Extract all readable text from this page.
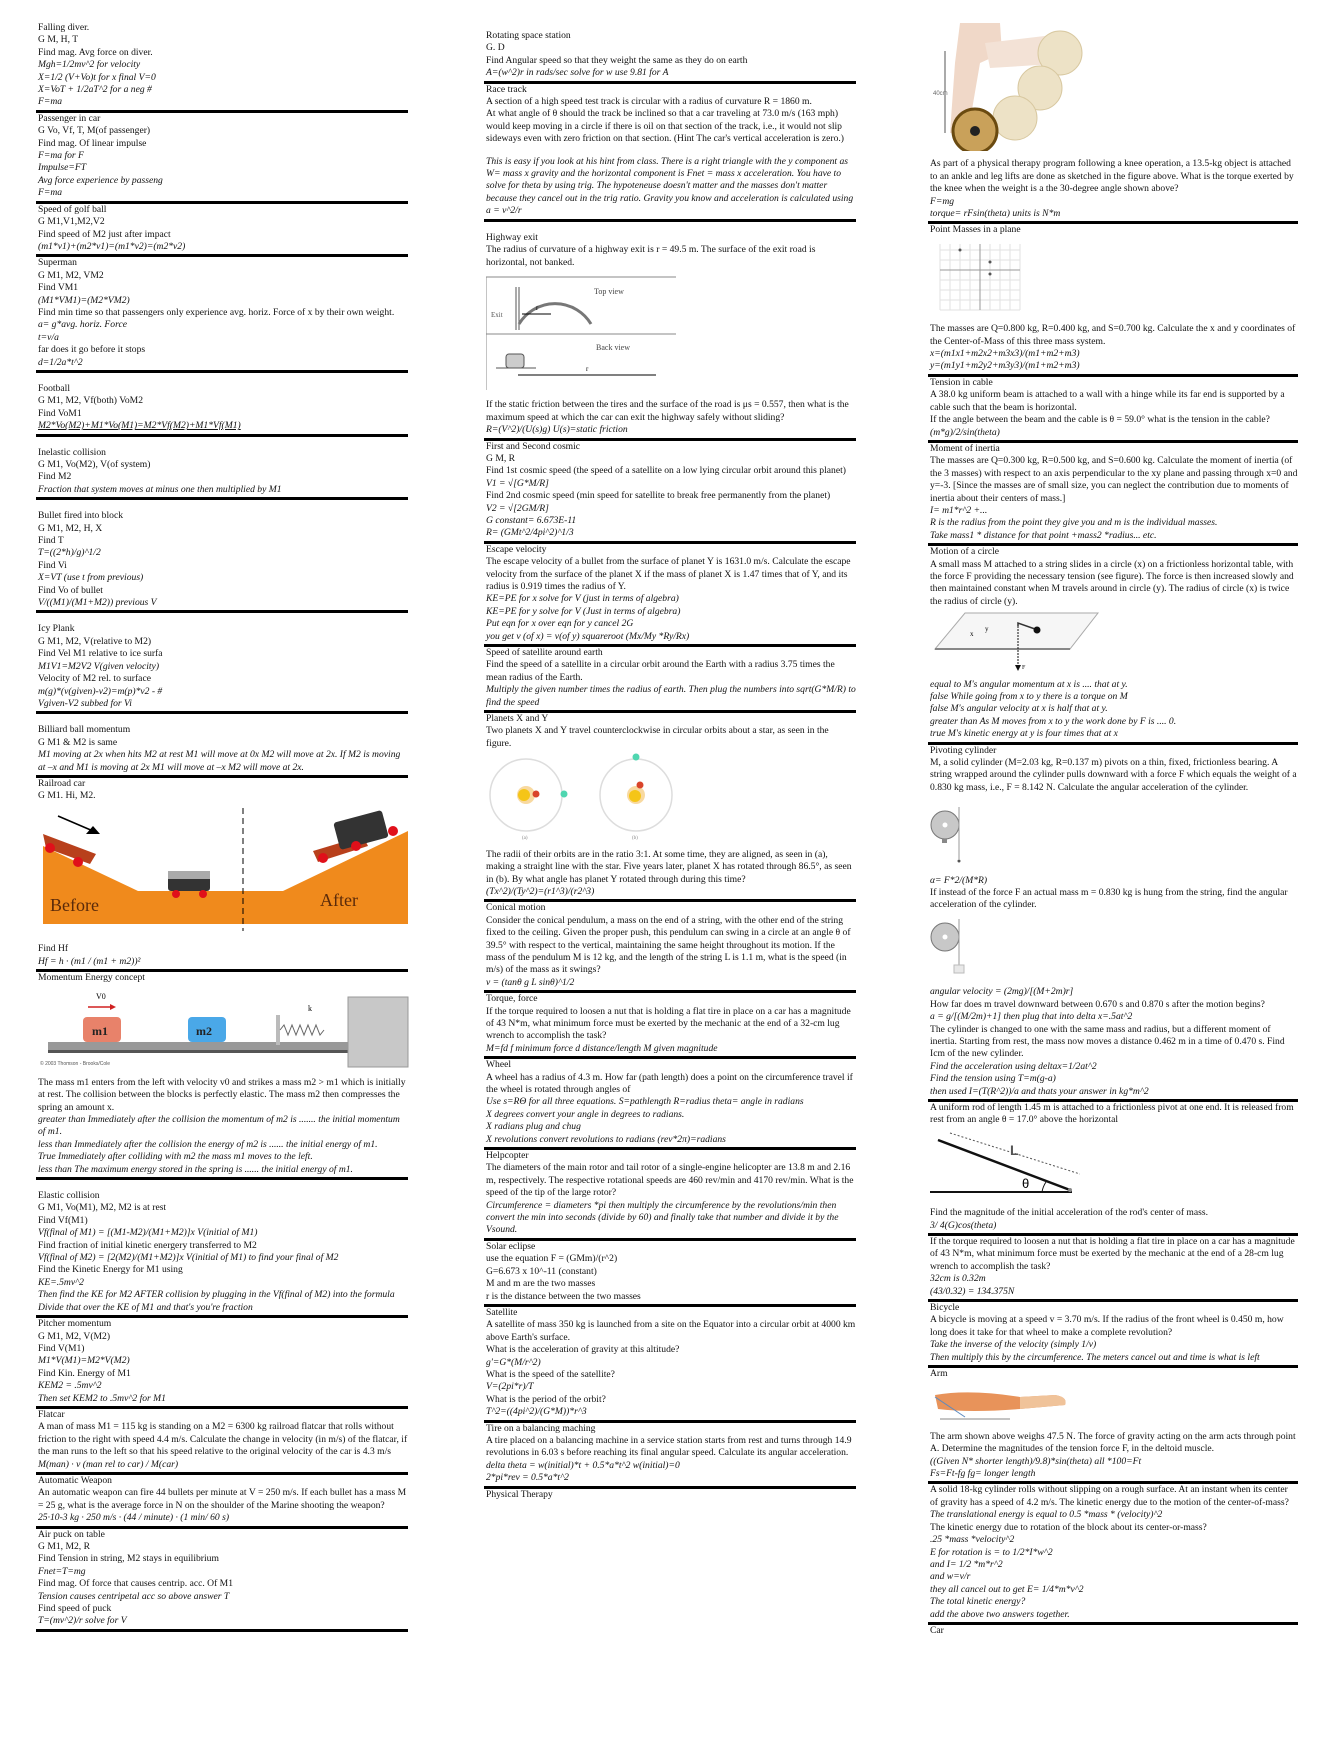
Falling diver.
G M, H, T
Find mag. Avg force on diver.
Mgh=1/2mv^2 for velocity
X=1/2 (V+Vo)t for x final V=0
X=VoT + 1/2aT^2 for a neg #
F=ma
Passenger in car
G Vo, Vf, T, M(of passenger)
Find mag. Of linear impulse
F=ma for F
Impulse=FT
Avg force experience by passeng
F=ma
Speed of golf ball
G M1,V1,M2,V2
Find speed of M2 just after impact
(m1*v1)+(m2*v1)=(m1*v2)=(m2*v2)
Superman
G M1, M2, VM2
Find VM1
(M1*VM1)=(M2*VM2)
Find min time so that passengers only experience avg. horiz. Force of x by their own weight.
a= g*avg. horiz. Force
t=v/a
far does it go before it stops
d=1/2a*t^2
Football
G M1, M2, Vf(both) VoM2
Find VoM1
M2*Vo(M2)+M1*Vo(M1)=M2*Vf(M2)+M1*Vf(M1)
Inelastic collision
G M1, Vo(M2), V(of system)
Find M2
Fraction that system moves at minus one then multiplied by M1
Bullet fired into block
G M1, M2, H, X
Find T
T=((2*h)/g)^1/2
Find Vi
X=VT (use t from previous)
Find Vo of bullet
V/((M1)/(M1+M2)) previous V
Icy Plank
G M1, M2, V(relative to M2)
Find Vel M1 relative to ice surfa
M1V1=M2V2 V(given velocity)
Velocity of M2 rel. to surface
m(g)*(v(given)-v2)=m(p)*v2 - #
Vgiven-V2 subbed for Vi
Billiard ball momentum
G M1 & M2 is same
M1 moving at 2x when hits M2 at rest M1 will move at 0x M2 will move at 2x. If M2 is moving at –x and M1 is moving at 2x M1 will move at –x M2 will move at 2x.
Railroad car
G M1. Hi, M2.
Before	After
Find Hf
Hf = h · (m1 / (m1 + m2))²
Momentum Energy concept
V0
m1	m2
k
© 2003 Thomson - Brooks/Cole
The mass m1 enters from the left with velocity v0 and strikes a mass m2 > m1 which is initially at rest. The collision between the blocks is perfectly elastic. The mass m2 then compresses the spring an amount x.
greater than Immediately after the collision the momentum of m2 is ....... the initial momentum of m1.
less than Immediately after the collision the energy of m2 is ...... the initial energy of m1.
True Immediately after colliding with m2 the mass m1 moves to the left.
less than The maximum energy stored in the spring is ...... the initial energy of m1.
Elastic collision
G M1, Vo(M1), M2, M2 is at rest
Find Vf(M1)
Vf(final of M1) = [(M1-M2)/(M1+M2)]x V(initial of M1)
Find fraction of initial kinetic energery transferred to M2
Vf(final of M2) = [2(M2)/(M1+M2)]x V(initial of M1) to find your final of M2
Find the Kinetic Energy for M1 using
KE=.5mv^2
Then find the KE for M2 AFTER collision by plugging in the Vf(final of M2) into the formula
Divide that over the KE of M1 and that's you're fraction
Pitcher momentum
G M1, M2, V(M2)
Find V(M1)
M1*V(M1)=M2*V(M2)
Find Kin. Energy of M1
KEM2 = .5mv^2
Then set KEM2 to .5mv^2 for M1
Flatcar
A man of mass M1 = 115 kg is standing on a M2 = 6300 kg railroad flatcar that rolls without friction to the right with speed 4.4 m/s. Calculate the change in velocity (in m/s) of the flatcar, if the man runs to the left so that his speed relative to the original velocity of the car is 4.3 m/s
M(man) · v (man rel to car) / M(car)
Automatic Weapon
An automatic weapon can fire 44 bullets per minute at V = 250 m/s. If each bullet has a mass M = 25 g, what is the average force in N on the shoulder of the Marine shooting the weapon?
25·10-3 kg · 250 m/s · (44 / minute) · (1 min/ 60 s)
Air puck on table
G M1, M2, R
Find Tension in string, M2 stays in equilibrium
Fnet=T=mg
Find mag. Of force that causes centrip. acc. Of M1
Tension causes centripetal acc so above answer T
Find speed of puck
T=(mv^2)/r solve for V
Rotating space station
G. D
Find Angular speed so that they weight the same as they do on earth
A=(w^2)r in rads/sec solve for w use 9.81 for A
Race track
A section of a high speed test track is circular with a radius of curvature R = 1860 m.
At what angle of θ should the track be inclined so that a car traveling at 73.0 m/s (163 mph) would keep moving in a circle if there is oil on that section of the track, i.e., it would not slip sideways even with zero friction on that section. (Hint The car's vertical acceleration is zero.)
This is easy if you look at his hint from class. There is a right triangle with the y component as W= mass x gravity and the horizontal component is Fnet = mass x acceleration. You have to solve for theta by using trig. The hypoteneuse doesn't matter and the masses don't matter because they cancel out in the trig ratio. Gravity you know and acceleration is calculated using a = v^2/r
Highway exit
The radius of curvature of a highway exit is r = 49.5 m. The surface of the exit road is horizontal, not banked.
Top view
Exit
r
Back view
r
If the static friction between the tires and the surface of the road is μs = 0.557, then what is the maximum speed at which the car can exit the highway safely without sliding?
R=(V^2)/(U(s)g) U(s)=static friction
First and Second cosmic
G M, R
Find 1st cosmic speed (the speed of a satellite on a low lying circular orbit around this planet)
V1 = √[G*M/R]
Find 2nd cosmic speed (min speed for satellite to break free permanently from the planet)
V2 = √[2GM/R]
G constant= 6.673E-11
R= (GMt^2/4pi^2)^1/3
Escape velocity
The escape velocity of a bullet from the surface of planet Y is 1631.0 m/s. Calculate the escape velocity from the surface of the planet X if the mass of planet X is 1.47 times that of Y, and its radius is 0.919 times the radius of Y.
KE=PE for x solve for V (just in terms of algebra)
KE=PE for y solve for V (Just in terms of algebra)
Put eqn for x over eqn for y cancel 2G
you get v (of x) = v(of y) squareroot (Mx/My *Ry/Rx)
Speed of satellite around earth
Find the speed of a satellite in a circular orbit around the Earth with a radius 3.75 times the mean radius of the Earth.
Multiply the given number times the radius of earth. Then plug the numbers into sqrt(G*M/R) to find the speed
Planets X and Y
Two planets X and Y travel counterclockwise in circular orbits about a star, as seen in the figure.
(a)	(b)
The radii of their orbits are in the ratio 3:1. At some time, they are aligned, as seen in (a), making a straight line with the star. Five years later, planet X has rotated through 86.5°, as seen in (b). By what angle has planet Y rotated through during this time?
(Tx^2)/(Ty^2)=(r1^3)/(r2^3)
Conical motion
Consider the conical pendulum, a mass on the end of a string, with the other end of the string fixed to the ceiling. Given the proper push, this pendulum can swing in a circle at an angle θ of 39.5° with respect to the vertical, maintaining the same height throughout its motion. If the mass of the pendulum M is 12 kg, and the length of the string L is 1.1 m, what is the speed (in m/s) of the mass as it swings?
v = (tanθ g L sinθ)^1/2
Torque, force
If the torque required to loosen a nut that is holding a flat tire in place on a car has a magnitude of 43 N*m, what minimum force must be exerted by the mechanic at the end of a 32-cm lug wrench to accomplish the task?
M=fd f minimum force d distance/length M given magnitude
Wheel
A wheel has a radius of 4.3 m. How far (path length) does a point on the circumference travel if the wheel is rotated through angles of
Use s=RΘ for all three equations. S=pathlength R=radius theta= angle in radians
X degrees convert your angle in degrees to radians.
X radians plug and chug
X revolutions convert revolutions to radians (rev*2π)=radians
Helpcopter
The diameters of the main rotor and tail rotor of a single-engine helicopter are 13.8 m and 2.16 m, respectively. The respective rotational speeds are 460 rev/min and 4170 rev/min. What is the speed of the tip of the large rotor?
Circumference = diameters *pi then multiply the circumference by the revolutions/min then convert the min into seconds (divide by 60) and finally take that number and divide it by the Vsound.
Solar eclipse
use the equation F = (GMm)/(r^2)
G=6.673 x 10^-11 (constant)
M and m are the two masses
r is the distance between the two masses
Satellite
A satellite of mass 350 kg is launched from a site on the Equator into a circular orbit at 4000 km above Earth's surface.
What is the acceleration of gravity at this altitude?
g'=G*(M/r^2)
What is the speed of the satellite?
V=(2pi*r)/T
What is the period of the orbit?
T^2=((4pi^2)/(G*M))*r^3
Tire on a balancing maching
A tire placed on a balancing machine in a service station starts from rest and turns through 14.9 revolutions in 6.03 s before reaching its final angular speed. Calculate its angular acceleration.
delta theta = w(initial)*t + 0.5*a*t^2 w(initial)=0
2*pi*rev = 0.5*a*t^2
Physical Therapy
40cm
As part of a physical therapy program following a knee operation, a 13.5-kg object is attached to an ankle and leg lifts are done as sketched in the figure above. What is the torque exerted by the knee when the weight is a the 30-degree angle shown above?
F=mg
torque= rFsin(theta) units is N*m
Point Masses in a plane
The masses are Q=0.800 kg, R=0.400 kg, and S=0.700 kg. Calculate the x and y coordinates of the Center-of-Mass of this three mass system.
x=(m1x1+m2x2+m3x3)/(m1+m2+m3)
y=(m1y1+m2y2+m3y3)/(m1+m2+m3)
Tension in cable
A 38.0 kg uniform beam is attached to a wall with a hinge while its far end is supported by a cable such that the beam is horizontal.
If the angle between the beam and the cable is θ = 59.0° what is the tension in the cable?
(m*g)/2/sin(theta)
Moment of inertia
The masses are Q=0.300 kg, R=0.500 kg, and S=0.600 kg. Calculate the moment of inertia (of the 3 masses) with respect to an axis perpendicular to the xy plane and passing through x=0 and y=-3. [Since the masses are of small size, you can neglect the contribution due to moments of inertia about their centers of mass.]
I= m1*r^2 +...
R is the radius from the point they give you and m is the individual masses.
Take mass1 * distance for that point +mass2 *radius... etc.
Motion of a circle
A small mass M attached to a string slides in a circle (x) on a frictionless horizontal table, with the force F providing the necessary tension (see figure). The force is then increased slowly and then maintained constant when M travels around in circle (y). The radius of circle (x) is twice the radius of circle (y).
y
x
F
equal to M's angular momentum at x is .... that at y.
false While going from x to y there is a torque on M
false M's angular velocity at x is half that at y.
greater than As M moves from x to y the work done by F is .... 0.
true M's kinetic energy at y is four times that at x
Pivoting cylinder
M, a solid cylinder (M=2.03 kg, R=0.137 m) pivots on a thin, fixed, frictionless bearing. A string wrapped around the cylinder pulls downward with a force F which equals the weight of a 0.830 kg mass, i.e., F = 8.142 N. Calculate the angular acceleration of the cylinder.
α= F*2/(M*R)
If instead of the force F an actual mass m = 0.830 kg is hung from the string, find the angular acceleration of the cylinder.
angular velocity = (2mg)/[(M+2m)r]
How far does m travel downward between 0.670 s and 0.870 s after the motion begins?
a = g/[(M/2m)+1] then plug that into delta x=.5at^2
The cylinder is changed to one with the same mass and radius, but a different moment of inertia. Starting from rest, the mass now moves a distance 0.462 m in a time of 0.470 s. Find Icm of the new cylinder.
Find the acceleration using deltax=1/2at^2
Find the tension using T=m(g-a)
then used I=(T(R^2))/a and thats your answer in kg*m^2
A uniform rod of length 1.45 m is attached to a frictionless pivot at one end. It is released from rest from an angle θ = 17.0° above the horizontal
L
θ
Find the magnitude of the initial acceleration of the rod's center of mass.
3/ 4(G)cos(theta)
If the torque required to loosen a nut that is holding a flat tire in place on a car has a magnitude of 43 N*m, what minimum force must be exerted by the mechanic at the end of a 28-cm lug wrench to accomplish the task?
32cm is 0.32m
(43/0.32) = 134.375N
Bicycle
A bicycle is moving at a speed v = 3.70 m/s. If the radius of the front wheel is 0.450 m, how long does it take for that wheel to make a complete revolution?
Take the inverse of the velocity (simply 1/v)
Then multiply this by the circumference. The meters cancel out and time is what is left
Arm
The arm shown above weighs 47.5 N. The force of gravity acting on the arm acts through point A. Determine the magnitudes of the tension force F, in the deltoid muscle.
((Given N* shorter length)/9.8)*sin(theta) all *100=Ft
Fs=Ft-fg fg= longer length
A solid 18-kg cylinder rolls without slipping on a rough surface. At an instant when its center of gravity has a speed of 4.2 m/s. The kinetic energy due to the motion of the center-of-mass?
The translational energy is equal to 0.5 *mass * (velocity)^2
The kinetic energy due to rotation of the block about its center-or-mass?
.25 *mass *velocity^2
E for rotation is = to 1/2*I*w^2
and I= 1/2 *m*r^2
and w=v/r
they all cancel out to get E= 1/4*m*v^2
The total kinetic energy?
add the above two answers together.
Car
